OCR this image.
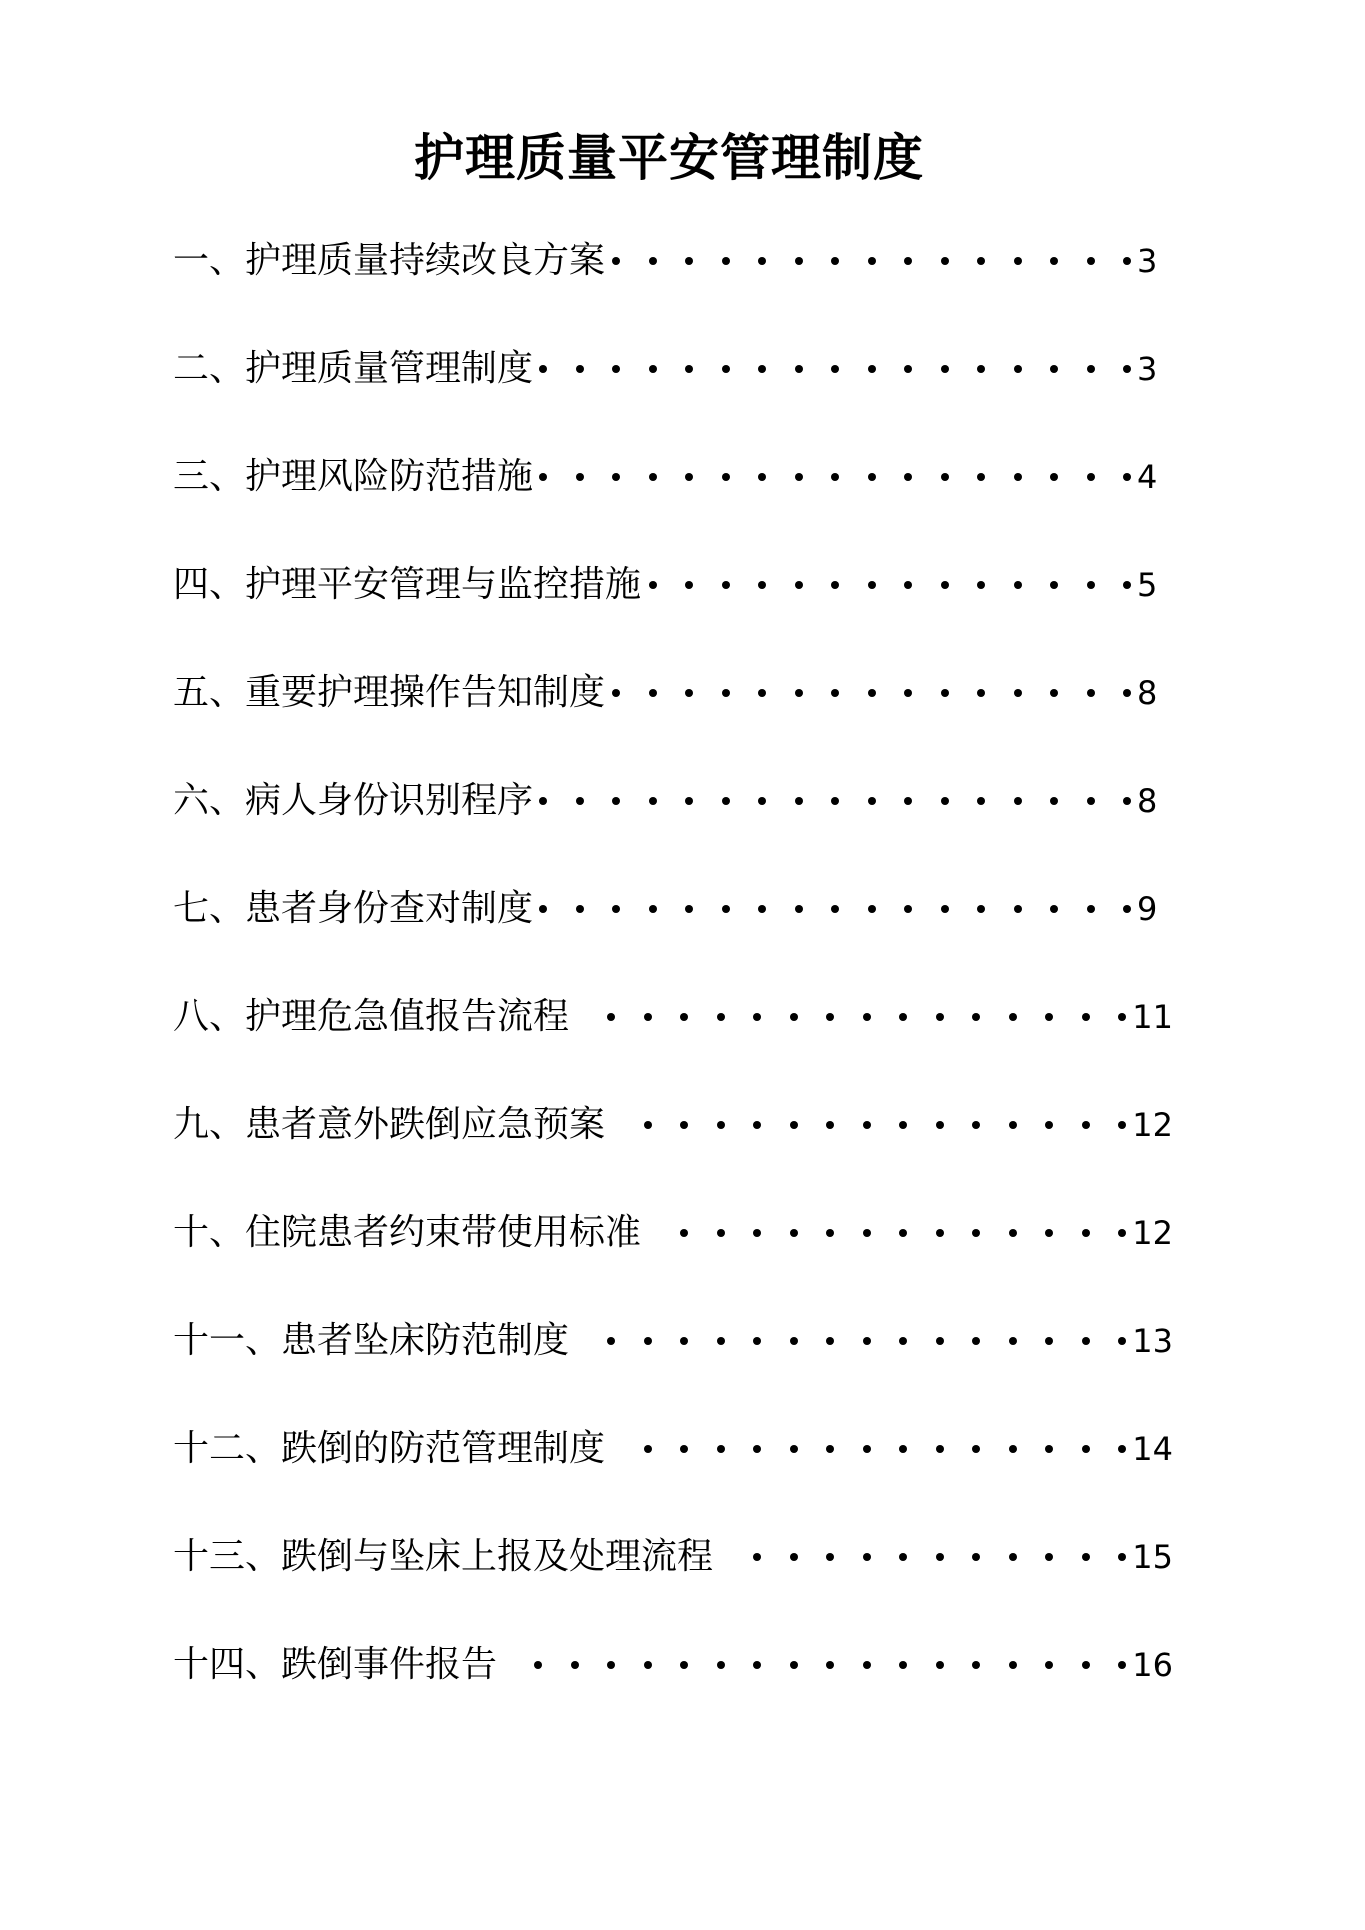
护理质量平安管理制度
一、护理质量持续改良方案	3
二、护理质量管理制度	3
三、护理风险防范措施	4
四、护理平安管理与监控措施	5
五、重要护理操作告知制度	8
六、病人身份识别程序	8
七、患者身份查对制度	9
八、护理危急值报告流程	11
九、患者意外跌倒应急预案	12
十、住院患者约束带使用标准	12
十一、患者坠床防范制度	13
十二、跌倒的防范管理制度	14
十三、跌倒与坠床上报及处理流程	15
十四、跌倒事件报告	16
